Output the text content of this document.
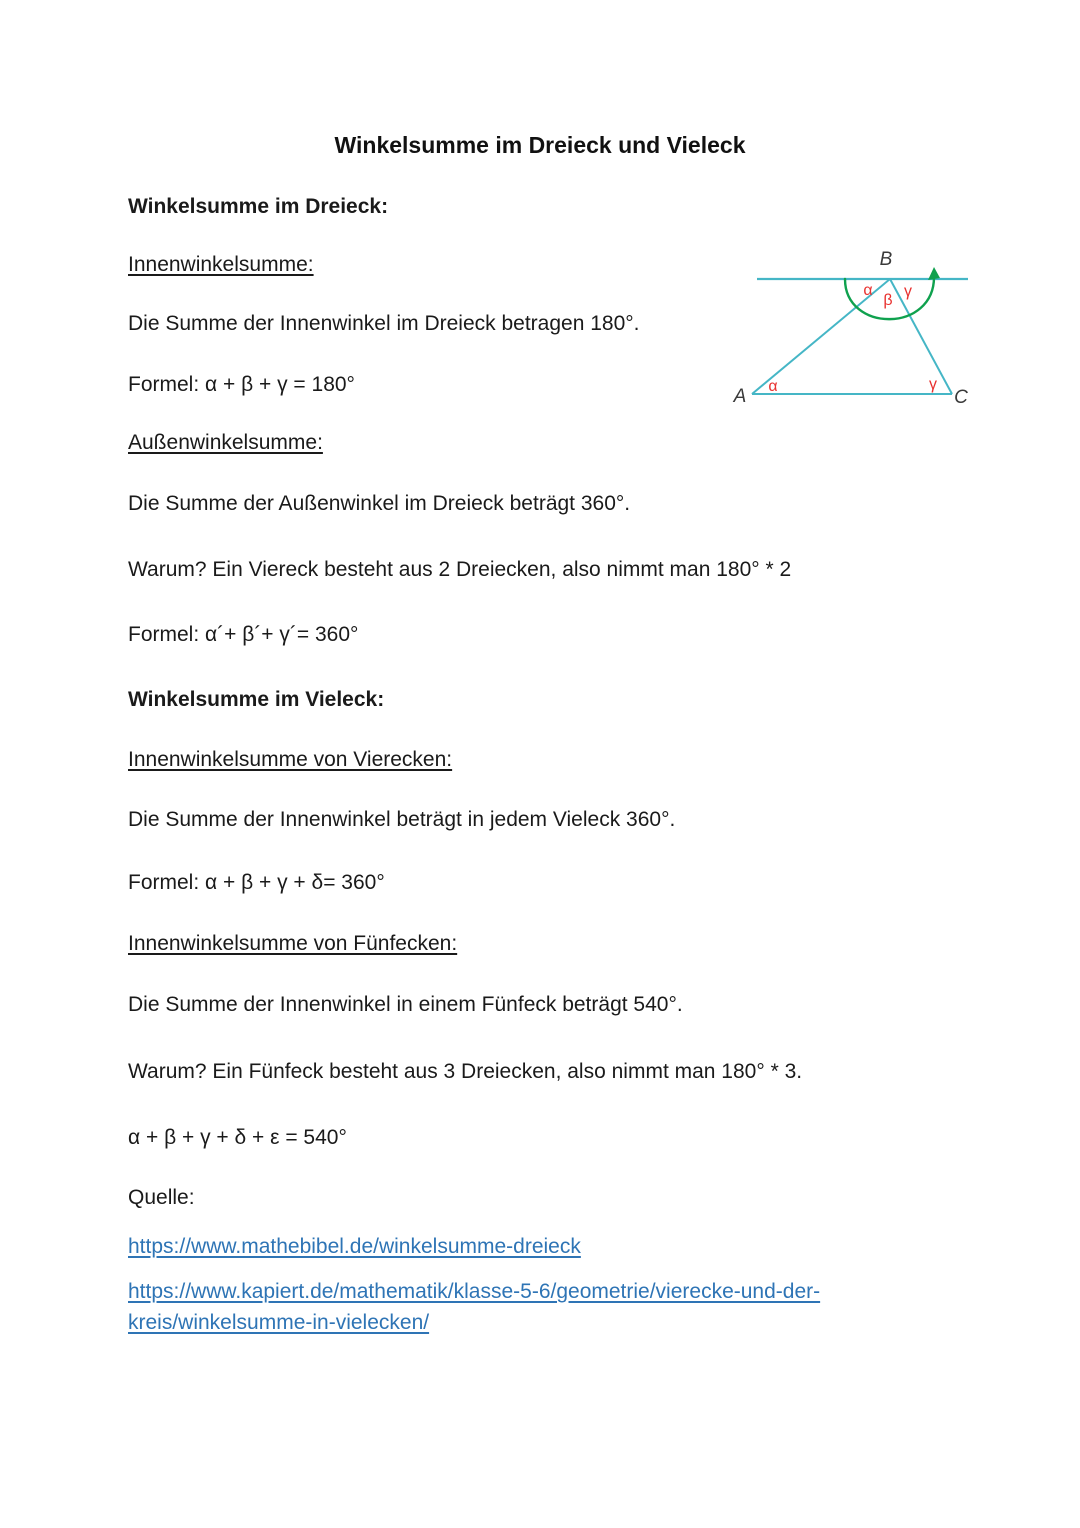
Winkelsumme im Dreieck und Vieleck
Winkelsumme im Dreieck:
Innenwinkelsumme:
Die Summe der Innenwinkel im Dreieck betragen 180°.
Formel: α + β + γ = 180°
Außenwinkelsumme:
Die Summe der Außenwinkel im Dreieck beträgt 360°.
Warum? Ein Viereck besteht aus 2 Dreiecken, also nimmt man 180° * 2
Formel: α´+ β´+ γ´= 360°
Winkelsumme im Vieleck:
Innenwinkelsumme von Vierecken:
Die Summe der Innenwinkel beträgt in jedem Vieleck 360°.
Formel: α + β + γ + δ= 360°
Innenwinkelsumme von Fünfecken:
Die Summe der Innenwinkel in einem Fünfeck beträgt 540°.
Warum? Ein Fünfeck besteht aus 3 Dreiecken, also nimmt man 180° * 3.
α + β + γ + δ + ε = 540°
Quelle:
https://www.mathebibel.de/winkelsumme-dreieck
https://www.kapiert.de/mathematik/klasse-5-6/geometrie/vierecke-und-der-
kreis/winkelsumme-in-vielecken/
B
A	C
α
β
γ
α	γ
